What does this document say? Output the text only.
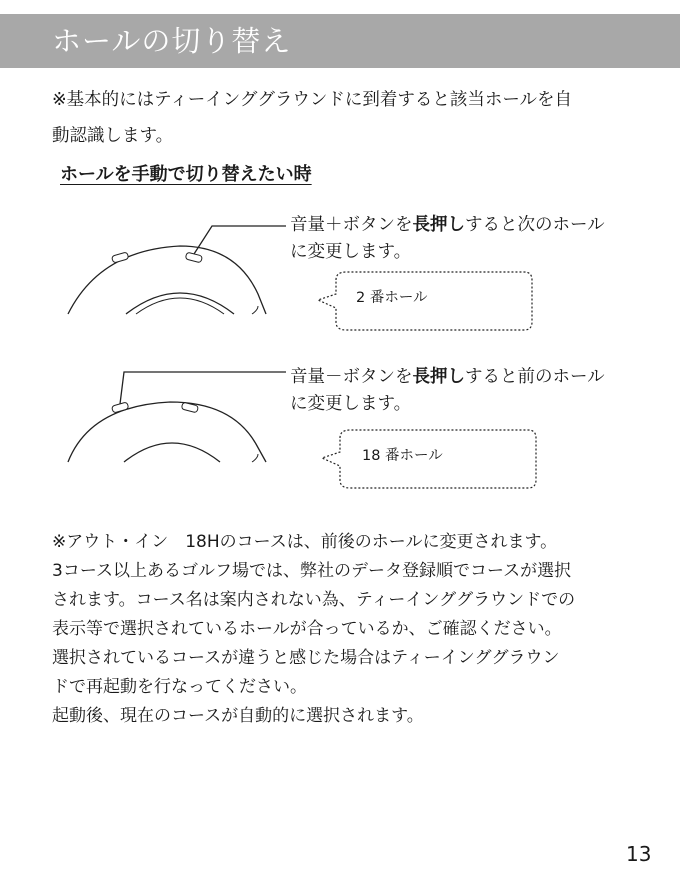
ホールの切り替え
※基本的にはティーインググラウンドに到着すると該当ホールを自
動認識します。
ホールを手動で切り替えたい時
音量＋ボタンを長押しすると次のホール
に変更します。
2 番ホール
音量－ボタンを長押しすると前のホール
に変更します。
18 番ホール

※アウト・イン　18Hのコースは、前後のホールに変更されます。

3コース以上あるゴルフ場では、弊社のデータ登録順でコースが選択

されます。コース名は案内されない為、ティーインググラウンドでの

表示等で選択されているホールが合っているか、ご確認ください。

選択されているコースが違うと感じた場合はティーインググラウン

ドで再起動を行なってください。

起動後、現在のコースが自動的に選択されます。

13
